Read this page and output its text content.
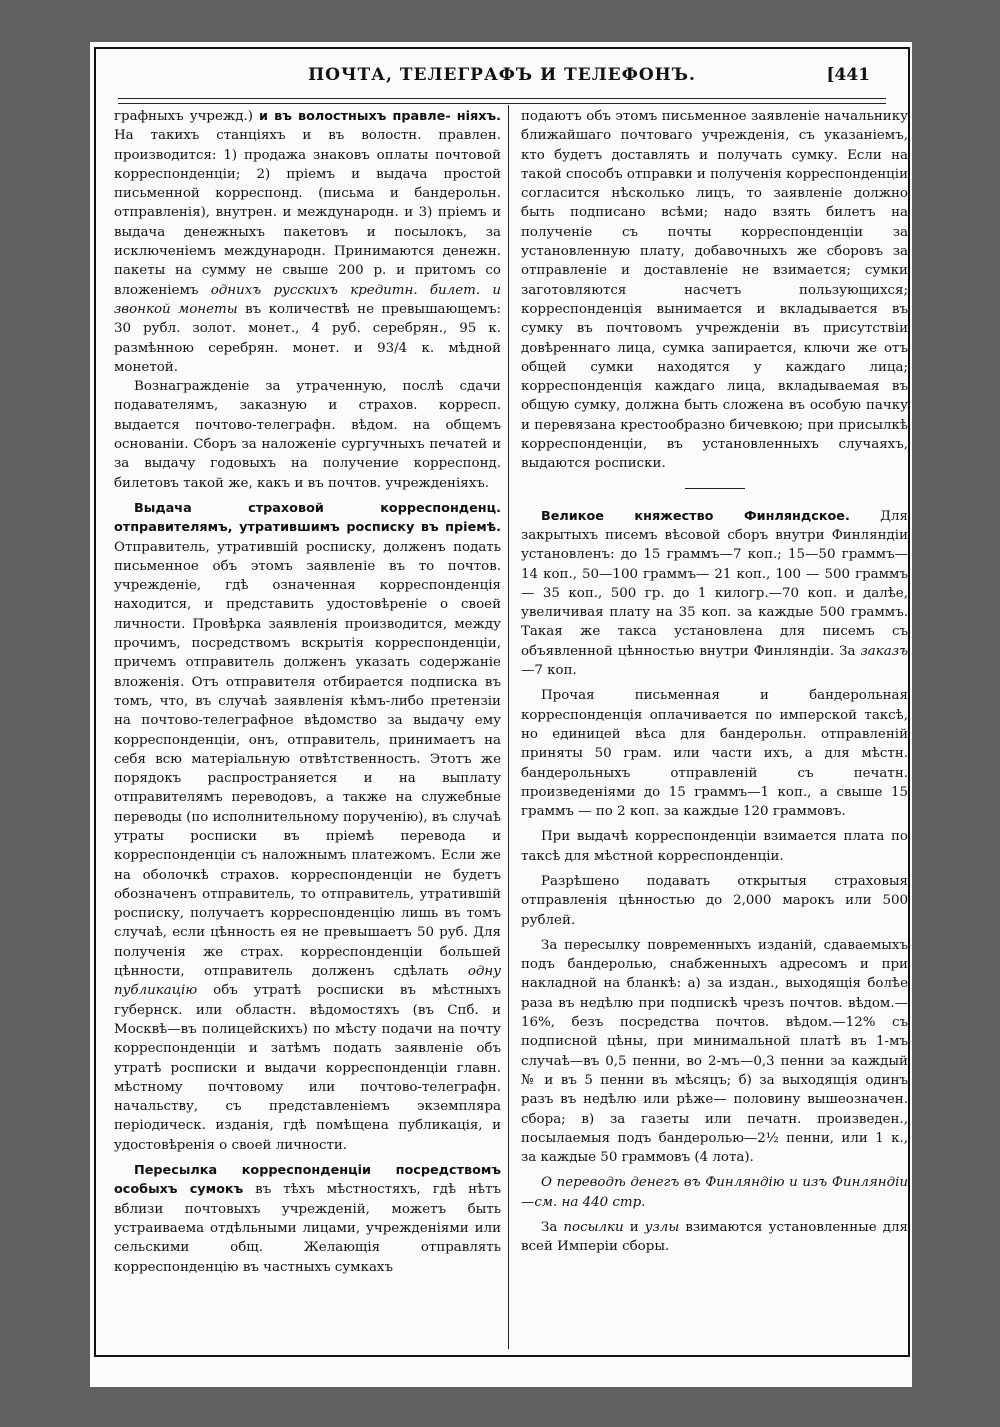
ПОЧТА, ТЕЛЕГРАФЪ И ТЕЛЕФОНЪ.	[441

графныхъ учрежд.) и въ волостныхъ правле- ніяхъ. На такихъ станціяхъ и въ волостн. правлен. производится: 1) продажа знаковъ оплаты почтовой корреспонденціи; 2) пріемъ и выдача простой письменной корреспонд. (письма и бандерольн. отправленія), внутрен. и международн. и 3) пріемъ и выдача денежныхъ пакетовъ и посылокъ, за исключеніемъ международн. Принимаются денежн. пакеты на сумму не свыше 200 р. и притомъ со вложеніемъ однихъ русскихъ кредитн. билет. и звонкой монеты въ количествѣ не превышающемъ: 30 рубл. золот. монет., 4 руб. серебрян., 95 к. размѣнною серебрян. монет. и 93/4 к. мѣдной монетой.

Вознагражденіе за утраченную, послѣ сдачи подавателямъ, заказную и страхов. корресп. выдается почтово-телеграфн. вѣдом. на общемъ основаніи. Сборъ за наложеніе сургучныхъ печатей и за выдачу годовыхъ на получение корреспонд. билетовъ такой же, какъ и въ почтов. учрежденіяхъ.

Выдача страховой корреспонденц. отправителямъ, утратившимъ росписку въ пріемѣ. Отправитель, утратившій росписку, долженъ подать письменное объ этомъ заявленіе въ то почтов. учрежденіе, гдѣ означенная корреспонденція находится, и представить удостовѣреніе о своей личности. Провѣрка заявленія производится, между прочимъ, посредствомъ вскрытія корреспонденціи, причемъ отправитель долженъ указать содержаніе вложенія. Отъ отправителя отбирается подписка въ томъ, что, въ случаѣ заявленія кѣмъ-либо претензіи на почтово-телеграфное вѣдомство за выдачу ему корреспонденціи, онъ, отправитель, принимаетъ на себя всю матеріальную отвѣтственность. Этотъ же порядокъ распространяется и на выплату отправителямъ переводовъ, а также на служебные переводы (по исполнительному порученію), въ случаѣ утраты росписки въ пріемѣ перевода и корреспонденціи съ наложнымъ платежомъ. Если же на оболочкѣ страхов. корреспонденціи не будетъ обозначенъ отправитель, то отправитель, утратившій росписку, получаетъ корреспонденцію лишь въ томъ случаѣ, если цѣнность ея не превышаетъ 50 руб. Для полученія же страх. корреспонденціи большей цѣнности, отправитель долженъ сдѣлать одну публикацію объ утратѣ росписки въ мѣстныхъ губернск. или областн. вѣдомостяхъ (въ Спб. и Москвѣ—въ полицейскихъ) по мѣсту подачи на почту корреспонденціи и затѣмъ подать заявленіе объ утратѣ росписки и выдачи корреспонденціи главн. мѣстному почтовому или почтово-телеграфн. начальству, съ представленіемъ экземпляра періодическ. изданія, гдѣ помѣщена публикація, и удостовѣренія о своей личности.

Пересылка корреспонденціи посредствомъ особыхъ сумокъ въ тѣхъ мѣстностяхъ, гдѣ нѣтъ вблизи почтовыхъ учрежденій, можетъ быть устраиваема отдѣльными лицами, учрежденіями или сельскими общ. Желающія отправлять корреспонденцію въ частныхъ сумкахъ

подаютъ объ этомъ письменное заявленіе начальнику ближайшаго почтоваго учрежденія, съ указаніемъ, кто будетъ доставлять и получать сумку. Если на такой способъ отправки и полученія корреспонденціи согласится нѣсколько лицъ, то заявленіе должно быть подписано всѣми; надо взять билетъ на полученіе съ почты корреспонденціи за установленную плату, добавочныхъ же сборовъ за отправленіе и доставленіе не взимается; сумки заготовляются насчетъ пользующихся; корреспонденція вынимается и вкладывается въ сумку въ почтовомъ учрежденіи въ присутствіи довѣреннаго лица, сумка запирается, ключи же отъ общей сумки находятся у каждаго лица; корреспонденція каждаго лица, вкладываемая въ общую сумку, должна быть сложена въ особую пачку и перевязана крестообразно бичевкою; при присылкѣ корреспонденціи, въ установленныхъ случаяхъ, выдаются росписки.

Великое княжество Финляндское. Для закрытыхъ писемъ вѣсовой сборъ внутри Финляндіи установленъ: до 15 граммъ—7 коп.; 15—50 граммъ—14 коп., 50—100 граммъ— 21 коп., 100 — 500 граммъ — 35 коп., 500 гр. до 1 килогр.—70 коп. и далѣе, увеличивая плату на 35 коп. за каждые 500 граммъ. Такая же такса установлена для писемъ съ объявленной цѣнностью внутри Финляндіи. За заказъ—7 коп.

Прочая письменная и бандерольная корреспонденція оплачивается по имперской таксѣ, но единицей вѣса для бандерольн. отправленій приняты 50 грам. или части ихъ, а для мѣстн. бандерольныхъ отправленій съ печатн. произведеніями до 15 граммъ—1 коп., а свыше 15 граммъ — по 2 коп. за каждые 120 граммовъ.

При выдачѣ корреспонденціи взимается плата по таксѣ для мѣстной корреспонденціи.

Разрѣшено подавать открытыя страховыя отправленія цѣнностью до 2,000 марокъ или 500 рублей.

За пересылку повременныхъ изданій, сдаваемыхъ подъ бандеролью, снабженныхъ адресомъ и при накладной на бланкѣ: а) за издан., выходящія болѣе раза въ недѣлю при подпискѣ чрезъ почтов. вѣдом.—16%, безъ посредства почтов. вѣдом.—12% съ подписной цѣны, при минимальной платѣ въ 1-мъ случаѣ—въ 0,5 пенни, во 2-мъ—0,3 пенни за каждый № и въ 5 пенни въ мѣсяцъ; б) за выходящія одинъ разъ въ недѣлю или рѣже— половину вышеозначен. сбора; в) за газеты или печатн. произведен., посылаемыя подъ бандеролью—2½ пенни, или 1 к., за каждые 50 граммовъ (4 лота).

О переводѣ денегъ въ Финляндію и изъ Финляндіи—см. на 440 стр.

За посылки и узлы взимаются установленные для всей Имперіи сборы.
